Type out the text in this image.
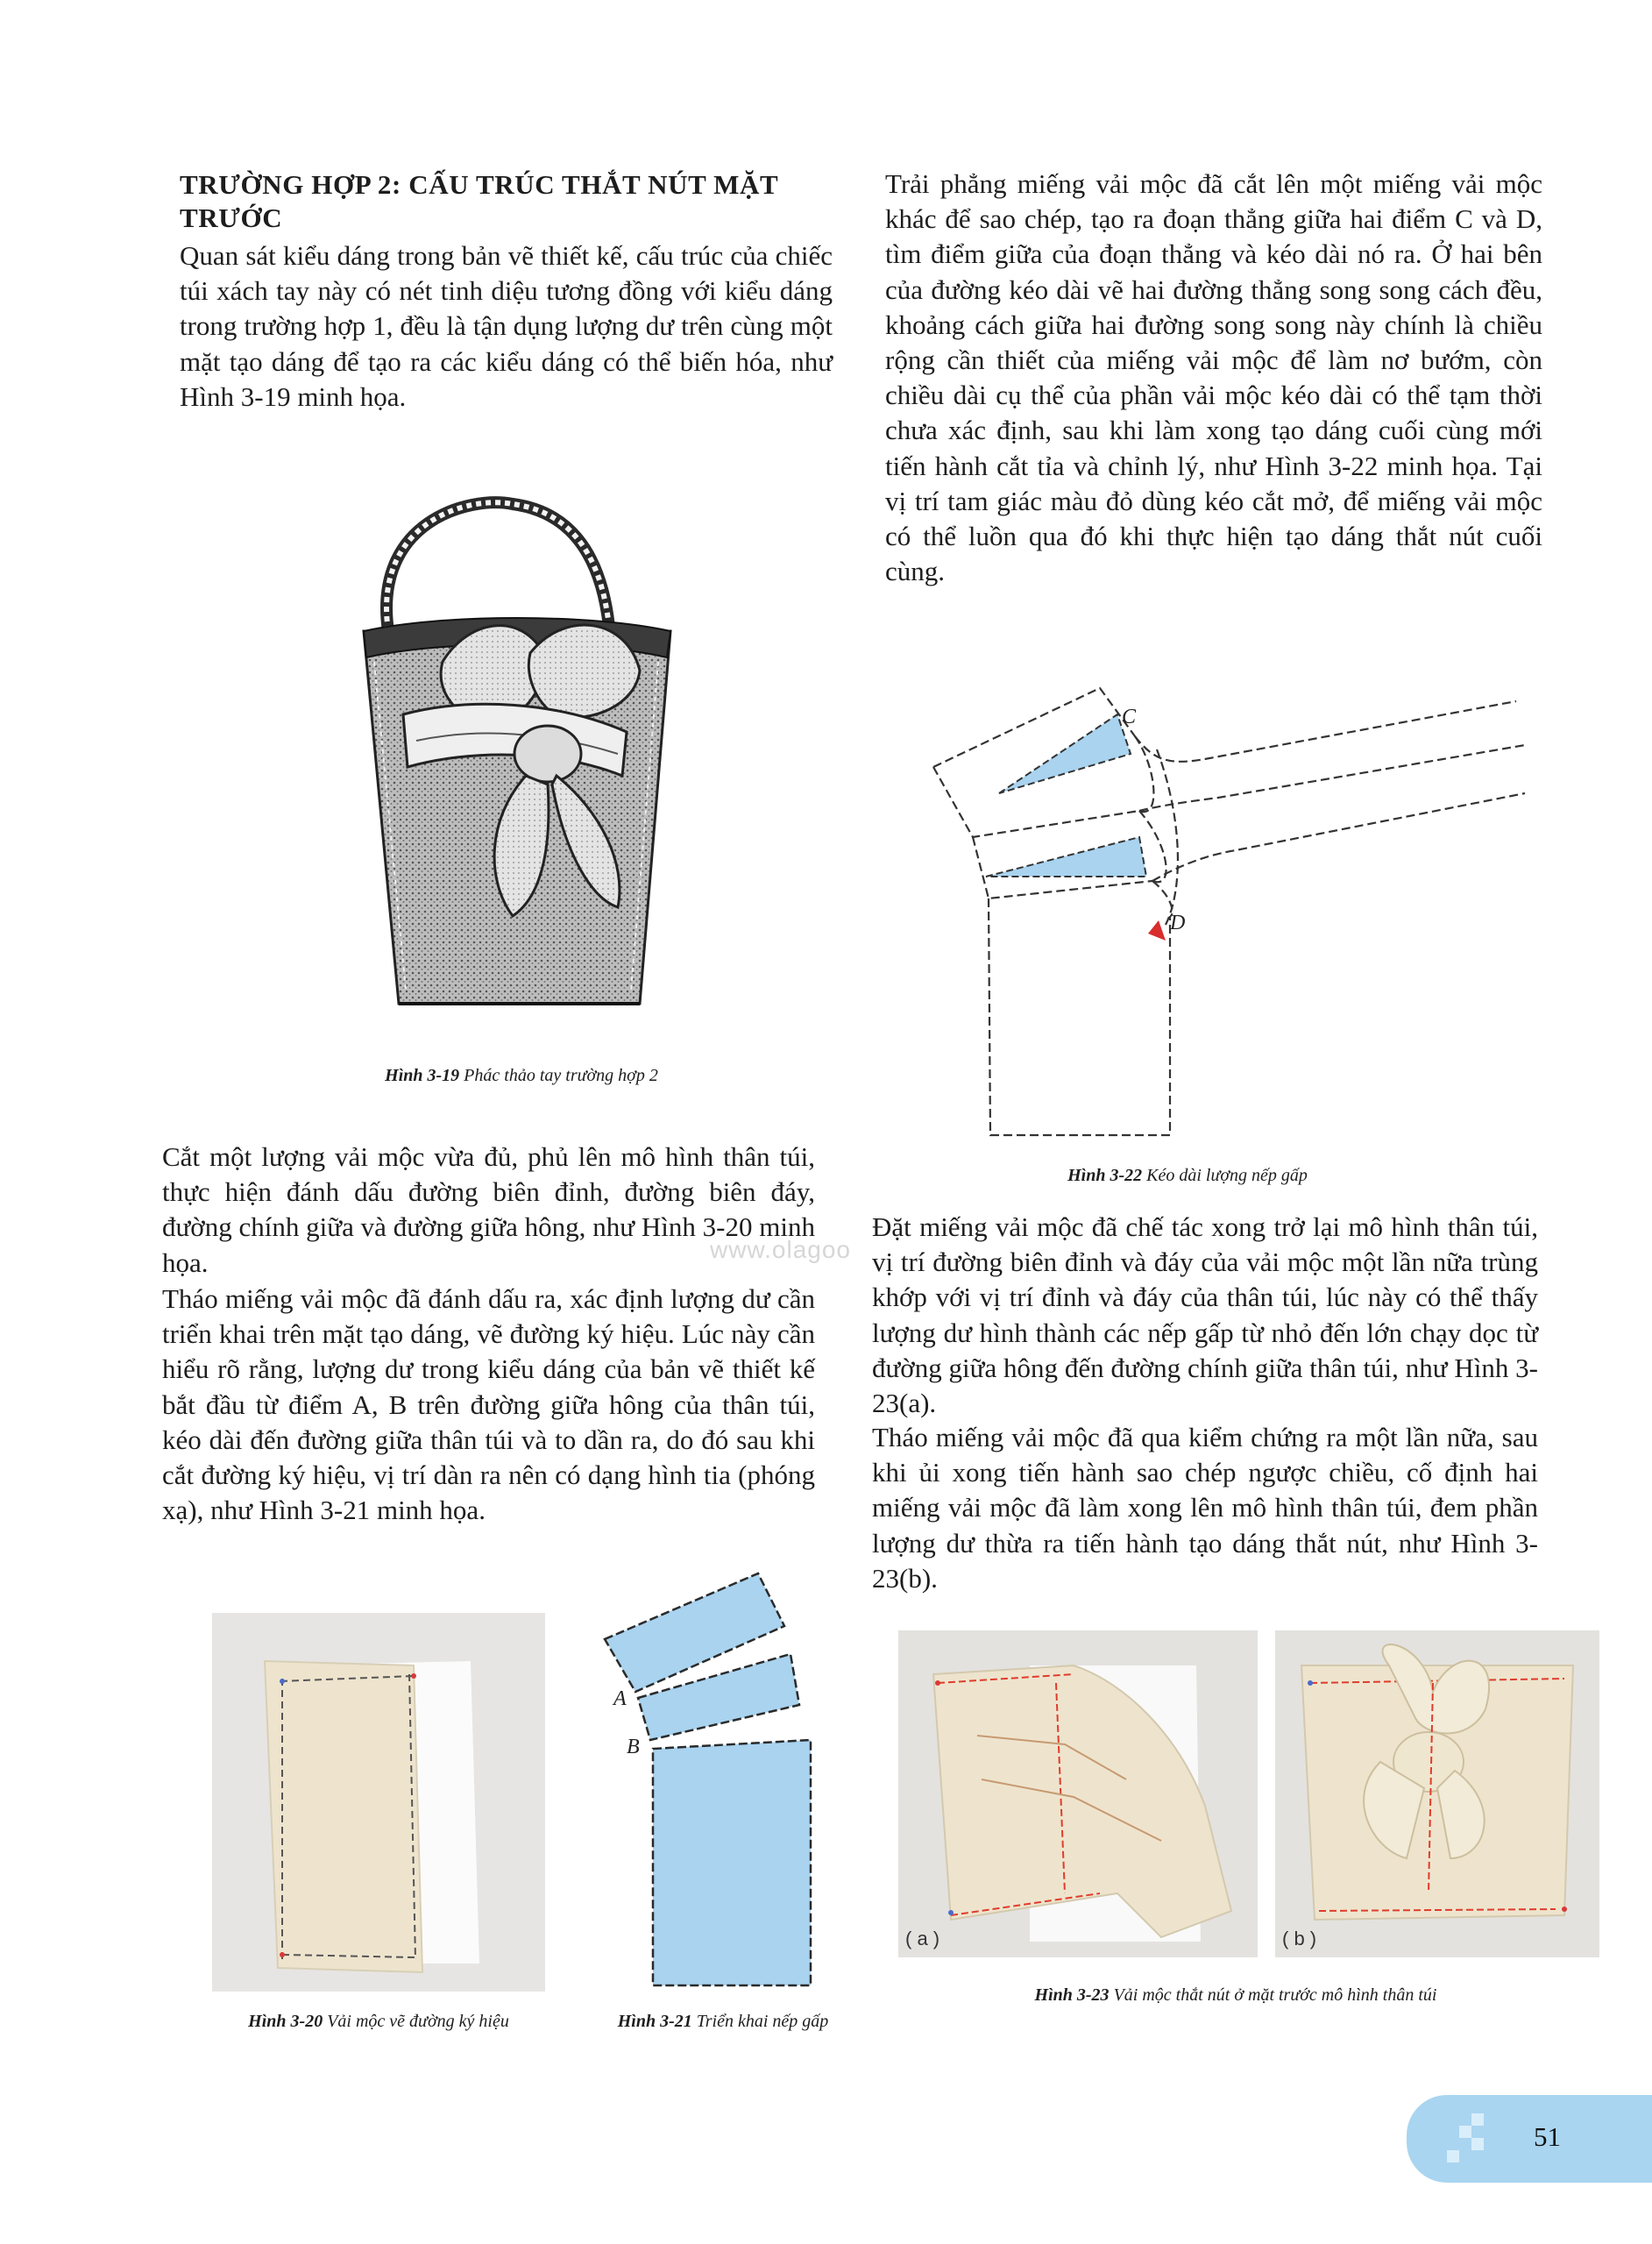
TRƯỜNG HỢP 2: CẤU TRÚC THẮT NÚT MẶT TRƯỚC

Quan sát kiểu dáng trong bản vẽ thiết kế, cấu trúc của chiếc túi xách tay này có nét tinh diệu tương đồng với kiểu dáng trong trường hợp 1, đều là tận dụng lượng dư trên cùng một mặt tạo dáng để tạo ra các kiểu dáng có thể biến hóa, như Hình 3-19 minh họa.

Hình 3-19 Phác thảo tay trường hợp 2

Cắt một lượng vải mộc vừa đủ, phủ lên mô hình thân túi, thực hiện đánh dấu đường biên đỉnh, đường biên đáy, đường chính giữa và đường giữa hông, như Hình 3-20 minh họa.

Tháo miếng vải mộc đã đánh dấu ra, xác định lượng dư cần triển khai trên mặt tạo dáng, vẽ đường ký hiệu. Lúc này cần hiểu rõ rằng, lượng dư trong kiểu dáng của bản vẽ thiết kế bắt đầu từ điểm A, B trên đường giữa hông của thân túi, kéo dài đến đường giữa thân túi và to dần ra, do đó sau khi cắt đường ký hiệu, vị trí dàn ra nên có dạng hình tia (phóng xạ), như Hình 3-21 minh họa.

www.olagoo
Hình 3-20 Vải mộc vẽ đường ký hiệu
A
B
Hình 3-21 Triển khai nếp gấp

Trải phẳng miếng vải mộc đã cắt lên một miếng vải mộc khác để sao chép, tạo ra đoạn thẳng giữa hai điểm C và D, tìm điểm giữa của đoạn thẳng và kéo dài nó ra. Ở hai bên của đường kéo dài vẽ hai đường thẳng song song cách đều, khoảng cách giữa hai đường song song này chính là chiều rộng cần thiết của miếng vải mộc để làm nơ bướm, còn chiều dài cụ thể của phần vải mộc kéo dài có thể tạm thời chưa xác định, sau khi làm xong tạo dáng cuối cùng mới tiến hành cắt tỉa và chỉnh lý, như Hình 3-22 minh họa. Tại vị trí tam giác màu đỏ dùng kéo cắt mở, để miếng vải mộc có thể luồn qua đó khi thực hiện tạo dáng thắt nút cuối cùng.

C
D
Hình 3-22 Kéo dài lượng nếp gấp

Đặt miếng vải mộc đã chế tác xong trở lại mô hình thân túi, vị trí đường biên đỉnh và đáy của vải mộc một lần nữa trùng khớp với vị trí đỉnh và đáy của thân túi, lúc này có thể thấy lượng dư hình thành các nếp gấp từ nhỏ đến lớn chạy dọc từ đường giữa hông đến đường chính giữa thân túi, như Hình 3-23(a).

Tháo miếng vải mộc đã qua kiểm chứng ra một lần nữa, sau khi ủi xong tiến hành sao chép ngược chiều, cố định hai miếng vải mộc đã làm xong lên mô hình thân túi, đem phần lượng dư thừa ra tiến hành tạo dáng thắt nút, như Hình 3-23(b).

( a )	( b )
Hình 3-23 Vải mộc thắt nút ở mặt trước mô hình thân túi
51
